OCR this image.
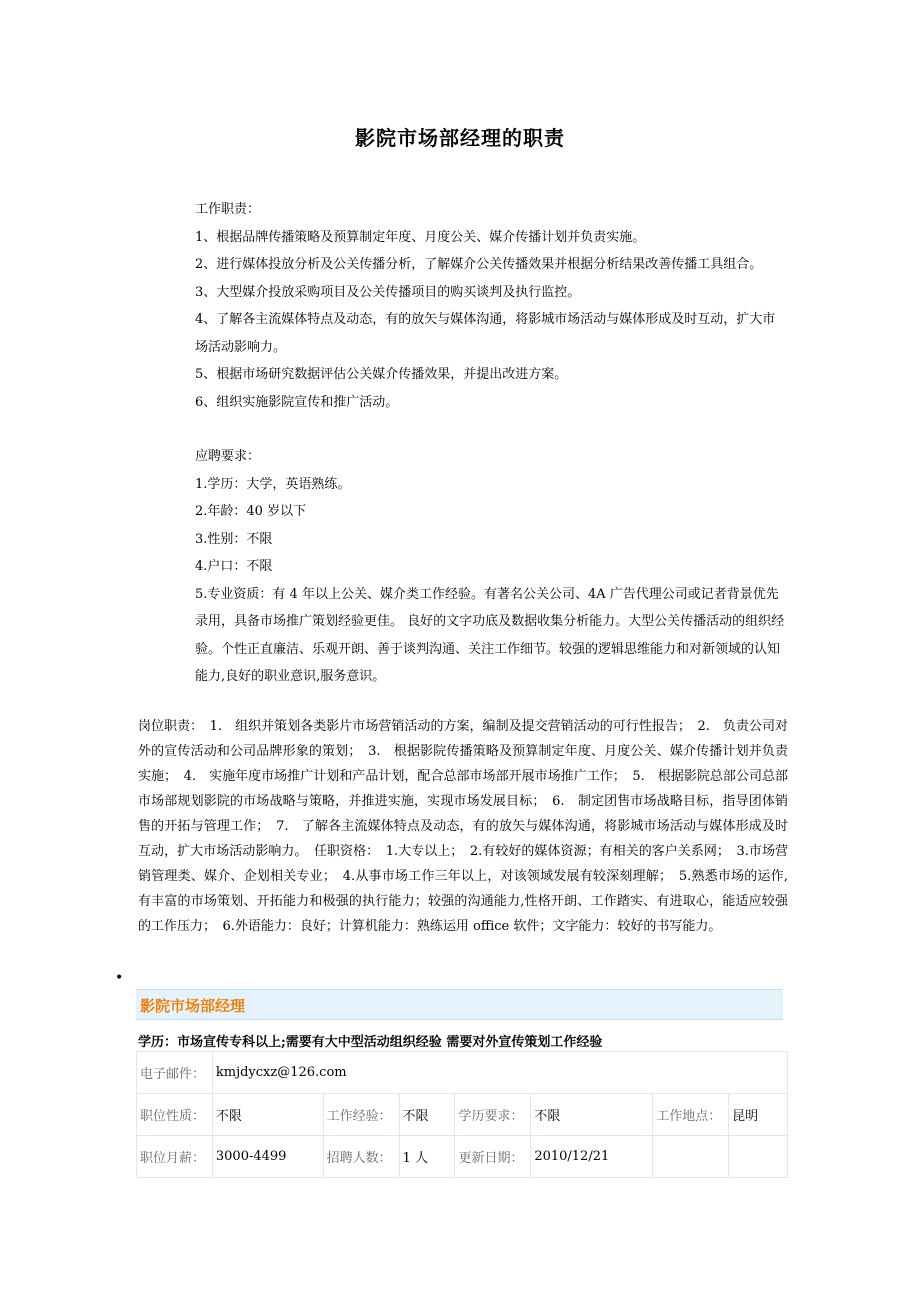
影院市场部经理的职责

工作职责：

1、根据品牌传播策略及预算制定年度、月度公关、媒介传播计划并负责实施。

2、进行媒体投放分析及公关传播分析，了解媒介公关传播效果并根据分析结果改善传播工具组合。

3、大型媒介投放采购项目及公关传播项目的购买谈判及执行监控。

4、了解各主流媒体特点及动态，有的放矢与媒体沟通，将影城市场活动与媒体形成及时互动，扩大市场活动影响力。

5、根据市场研究数据评估公关媒介传播效果，并提出改进方案。

6、组织实施影院宣传和推广活动。

应聘要求：

1.学历：大学，英语熟练。

2.年龄：40 岁以下

3.性别：不限

4.户口：不限

5.专业资质：有 4 年以上公关、媒介类工作经验。有著名公关公司、4A 广告代理公司或记者背景优先录用，具备市场推广策划经验更佳。 良好的文字功底及数据收集分析能力。大型公关传播活动的组织经验。个性正直廉洁、乐观开朗、善于谈判沟通、关注工作细节。较强的逻辑思维能力和对新领域的认知能力,良好的职业意识,服务意识。

岗位职责：　1.　组织并策划各类影片市场营销活动的方案，编制及提交营销活动的可行性报告；　2.　负责公司对外的宣传活动和公司品牌形象的策划；　3.　根据影院传播策略及预算制定年度、月度公关、媒介传播计划并负责实施；　4.　实施年度市场推广计划和产品计划，配合总部市场部开展市场推广工作；　5.　根据影院总部公司总部市场部规划影院的市场战略与策略，并推进实施，实现市场发展目标；　6.　制定团售市场战略目标，指导团体销售的开拓与管理工作；　7.　了解各主流媒体特点及动态，有的放矢与媒体沟通，将影城市场活动与媒体形成及时互动，扩大市场活动影响力。　任职资格：　1.大专以上；　2.有较好的媒体资源；有相关的客户关系网；　3.市场营销管理类、媒介、企划相关专业；　4.从事市场工作三年以上，对该领域发展有较深刻理解；　5.熟悉市场的运作,有丰富的市场策划、开拓能力和极强的执行能力；较强的沟通能力,性格开朗、工作踏实、有进取心，能适应较强的工作压力；　6.外语能力：良好；计算机能力：熟练运用 office 软件；文字能力：较好的书写能力。
•
影院市场部经理
学历：市场宣传专科以上;需要有大中型活动组织经验 需要对外宣传策划工作经验
电子邮件：	kmjdycxz@126.com						
职位性质：	不限	工作经验：	不限	学历要求：	不限	工作地点：	昆明
职位月薪：	3000-4499	招聘人数：	1 人	更新日期：	2010/12/21		
